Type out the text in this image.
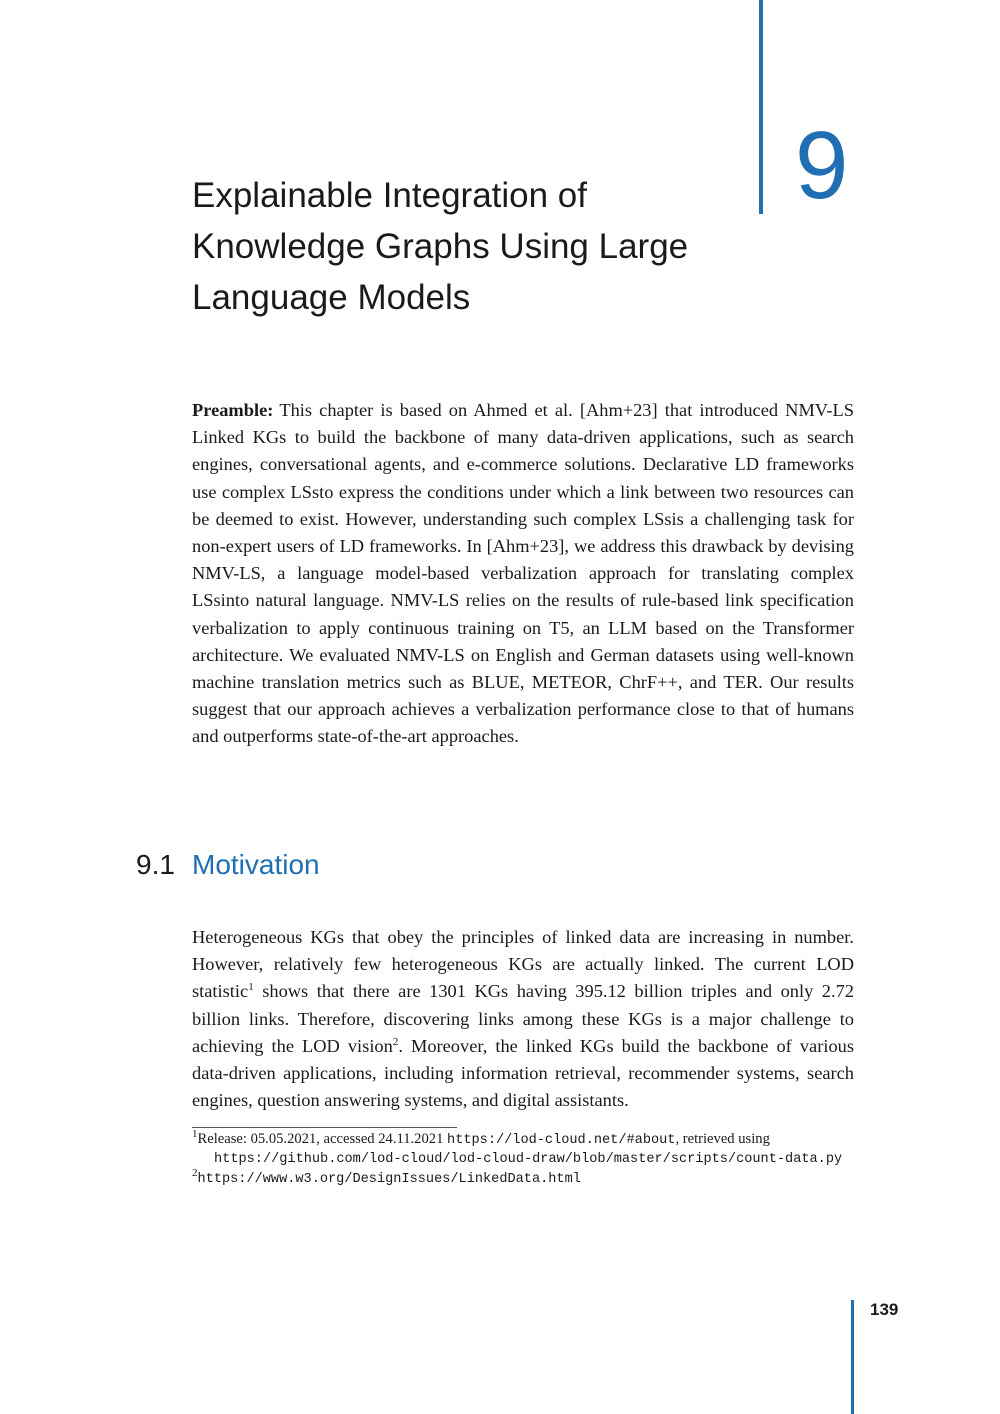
9
Explainable Integration of Knowledge Graphs Using Large Language Models

Preamble: This chapter is based on Ahmed et al. [Ahm+23] that introduced NMV-LS Linked KGs to build the backbone of many data-driven applications, such as search engines, conversational agents, and e-commerce solutions. Declarative LD frameworks use complex LSsto express the conditions under which a link between two resources can be deemed to exist. However, understanding such complex LSsis a challenging task for non-expert users of LD frameworks. In [Ahm+23], we address this drawback by devising NMV-LS, a language model-based verbalization approach for translating complex LSsinto natural language. NMV-LS relies on the results of rule-based link specification verbalization to apply continuous training on T5, an LLM based on the Transformer architecture. We evaluated NMV-LS on English and German datasets using well-known machine translation metrics such as BLUE, METEOR, ChrF++, and TER. Our results suggest that our approach achieves a verbalization performance close to that of humans and outperforms state-of-the-art approaches.

9.1 Motivation

Heterogeneous KGs that obey the principles of linked data are increasing in number. However, relatively few heterogeneous KGs are actually linked. The current LOD statistic$^1$ shows that there are 1301 KGs having 395.12 billion triples and only 2.72 billion links. Therefore, discovering links among these KGs is a major challenge to achieving the LOD vision$^2$. Moreover, the linked KGs build the backbone of various data-driven applications, including information retrieval, recommender systems, search engines, question answering systems, and digital assistants.

$^1$Release: 05.05.2021, accessed 24.11.2021 https://lod-cloud.net/#about, retrieved using
https://github.com/lod-cloud/lod-cloud-draw/blob/master/scripts/count-data.py

$^2$https://www.w3.org/DesignIssues/LinkedData.html

139
